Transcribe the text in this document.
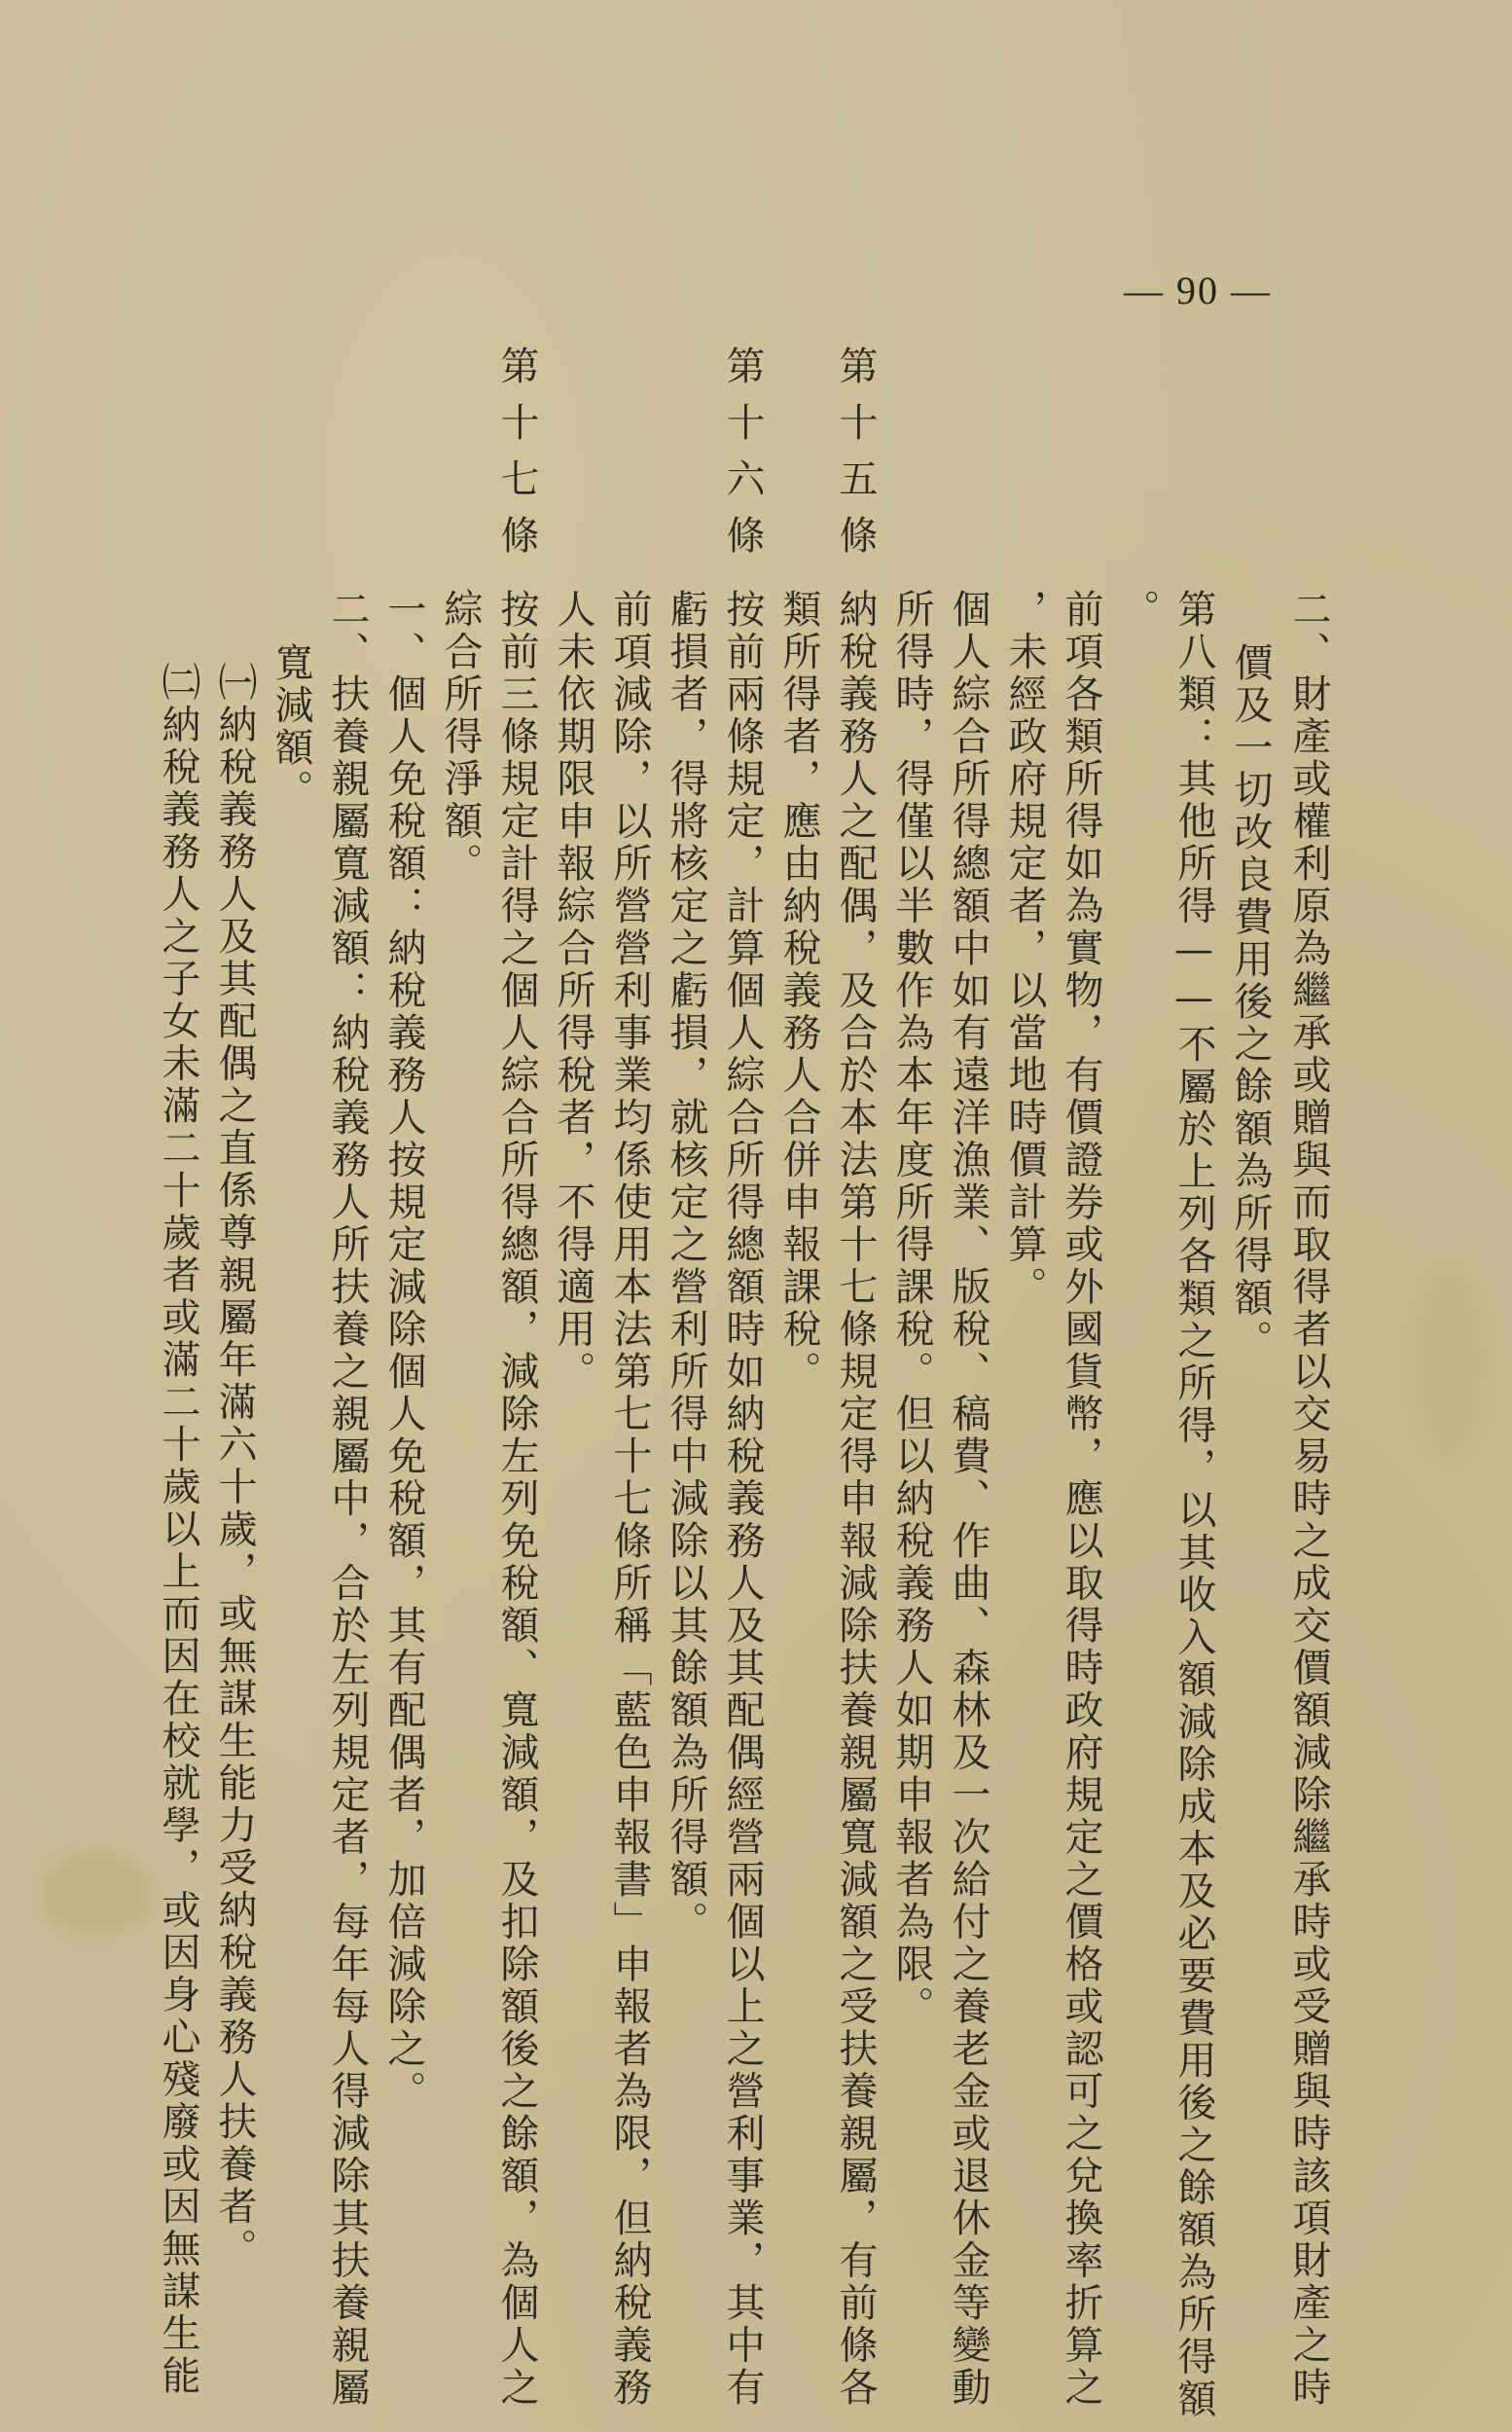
— 90 —
二、財產或權利原為繼承或贈與而取得者以交易時之成交價額減除繼承時或受贈與時該項財產之時
價及一切改良費用後之餘額為所得額。
第八類：其他所得——不屬於上列各類之所得，以其收入額減除成本及必要費用後之餘額為所得額
。
前項各類所得如為實物，有價證券或外國貨幣，應以取得時政府規定之價格或認可之兌換率折算之
，未經政府規定者，以當地時價計算。
個人綜合所得總額中如有遠洋漁業、版稅、稿費、作曲、森林及一次給付之養老金或退休金等變動
所得時，得僅以半數作為本年度所得課稅。但以納稅義務人如期申報者為限。
第十五條
納稅義務人之配偶，及合於本法第十七條規定得申報減除扶養親屬寬減額之受扶養親屬，有前條各
類所得者，應由納稅義務人合併申報課稅。
第十六條
按前兩條規定，計算個人綜合所得總額時如納稅義務人及其配偶經營兩個以上之營利事業，其中有
虧損者，得將核定之虧損，就核定之營利所得中減除以其餘額為所得額。
前項減除，以所營營利事業均係使用本法第七十七條所稱「藍色申報書」申報者為限，但納稅義務
人未依期限申報綜合所得稅者，不得適用。
第十七條
按前三條規定計得之個人綜合所得總額，減除左列免稅額、寬減額，及扣除額後之餘額，為個人之
綜合所得淨額。
一、個人免稅額：納稅義務人按規定減除個人免稅額，其有配偶者，加倍減除之。
二、扶養親屬寬減額：納稅義務人所扶養之親屬中，合於左列規定者，每年每人得減除其扶養親屬
寬減額。
㈠納稅義務人及其配偶之直係尊親屬年滿六十歲，或無謀生能力受納稅義務人扶養者。
㈡納稅義務人之子女未滿二十歲者或滿二十歲以上而因在校就學，或因身心殘廢或因無謀生能
